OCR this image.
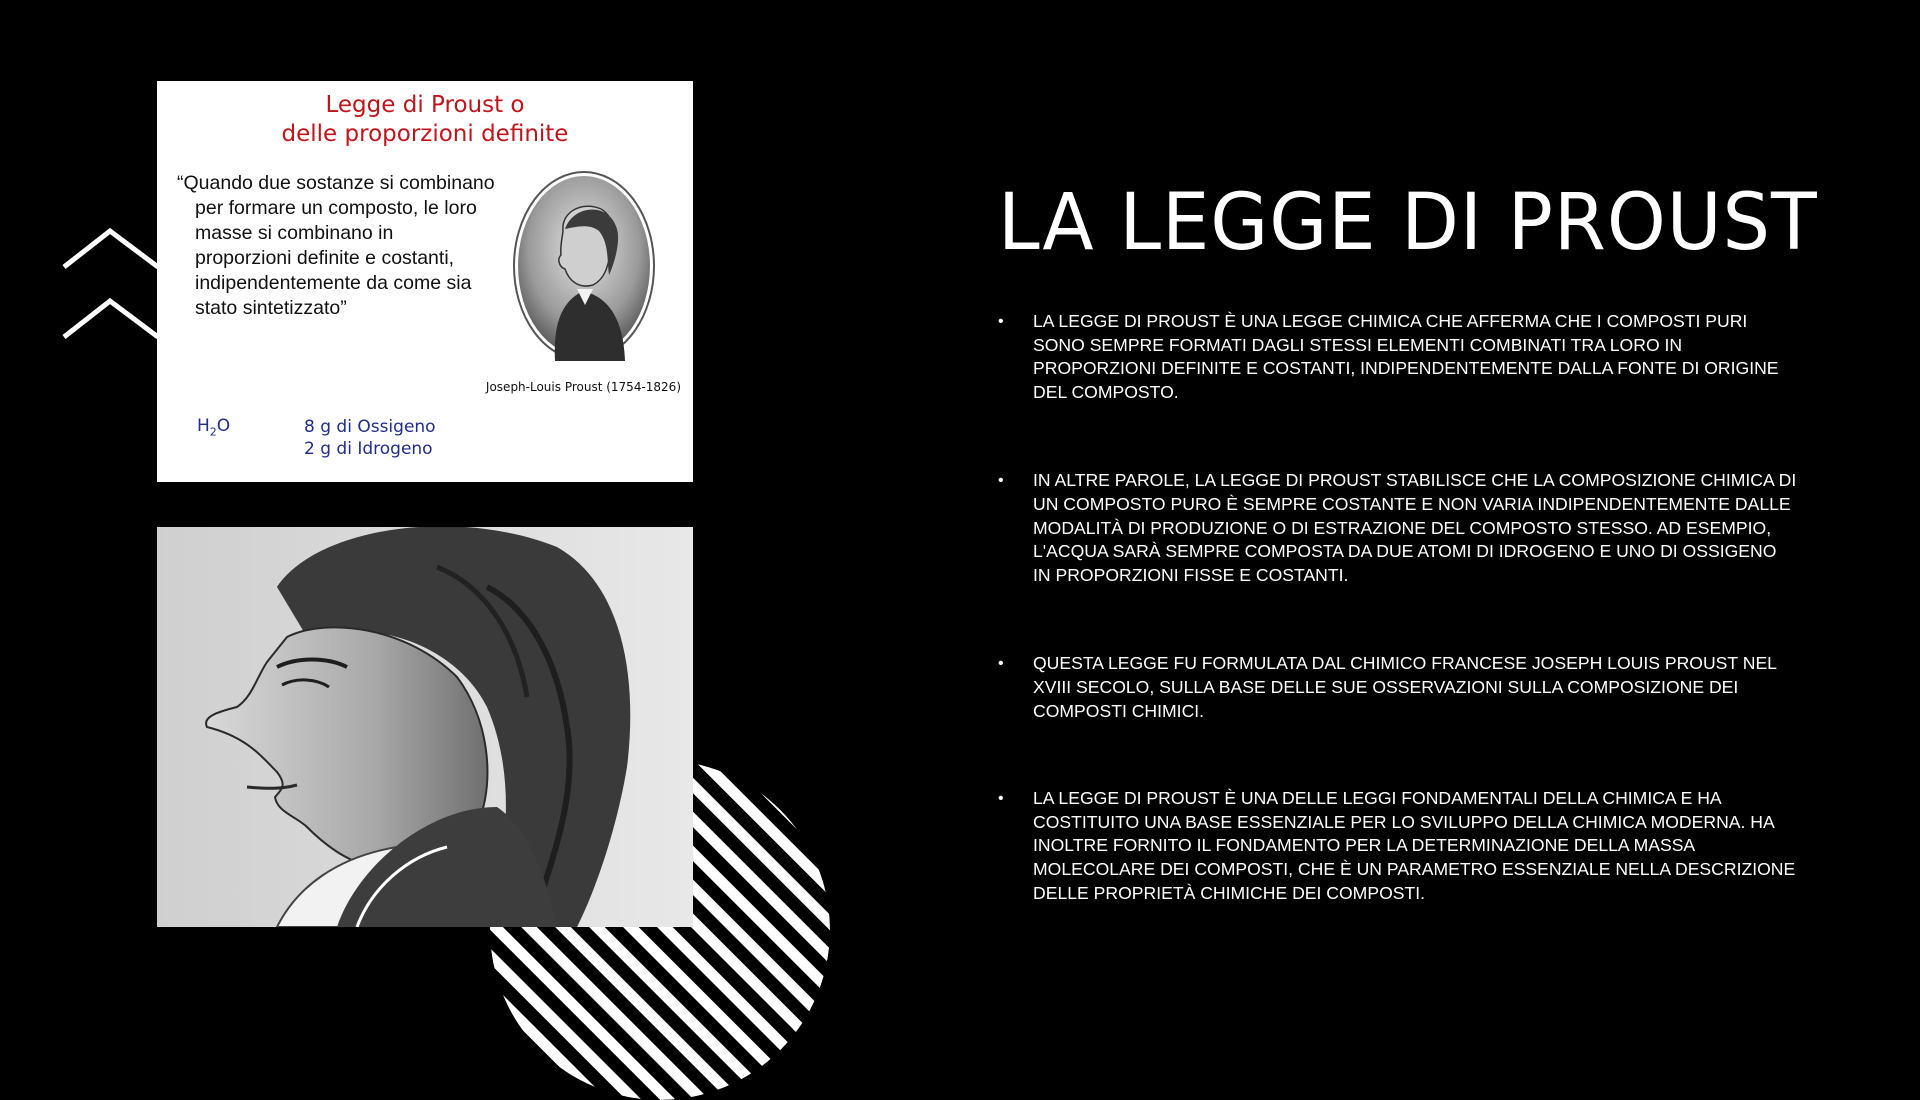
Legge di Proust o
delle proporzioni definite
“Quando due sostanze si combinano per formare un composto, le loro masse si combinano in proporzioni definite e costanti, indipendentemente da come sia stato sintetizzato”
Joseph-Louis Proust (1754-1826)
$H_2O$	8 g di Ossigeno
2 g di Idrogeno
LA LEGGE DI PROUST
• LA LEGGE DI PROUST È UNA LEGGE CHIMICA CHE AFFERMA CHE I COMPOSTI PURI SONO SEMPRE FORMATI DAGLI STESSI ELEMENTI COMBINATI TRA LORO IN PROPORZIONI DEFINITE E COSTANTI, INDIPENDENTEMENTE DALLA FONTE DI ORIGINE DEL COMPOSTO.
• IN ALTRE PAROLE, LA LEGGE DI PROUST STABILISCE CHE LA COMPOSIZIONE CHIMICA DI UN COMPOSTO PURO È SEMPRE COSTANTE E NON VARIA INDIPENDENTEMENTE DALLE MODALITÀ DI PRODUZIONE O DI ESTRAZIONE DEL COMPOSTO STESSO. AD ESEMPIO, L'ACQUA SARÀ SEMPRE COMPOSTA DA DUE ATOMI DI IDROGENO E UNO DI OSSIGENO IN PROPORZIONI FISSE E COSTANTI.
• QUESTA LEGGE FU FORMULATA DAL CHIMICO FRANCESE JOSEPH LOUIS PROUST NEL XVIII SECOLO, SULLA BASE DELLE SUE OSSERVAZIONI SULLA COMPOSIZIONE DEI COMPOSTI CHIMICI.
• LA LEGGE DI PROUST È UNA DELLE LEGGI FONDAMENTALI DELLA CHIMICA E HA COSTITUITO UNA BASE ESSENZIALE PER LO SVILUPPO DELLA CHIMICA MODERNA. HA INOLTRE FORNITO IL FONDAMENTO PER LA DETERMINAZIONE DELLA MASSA MOLECOLARE DEI COMPOSTI, CHE È UN PARAMETRO ESSENZIALE NELLA DESCRIZIONE DELLE PROPRIETÀ CHIMICHE DEI COMPOSTI.
